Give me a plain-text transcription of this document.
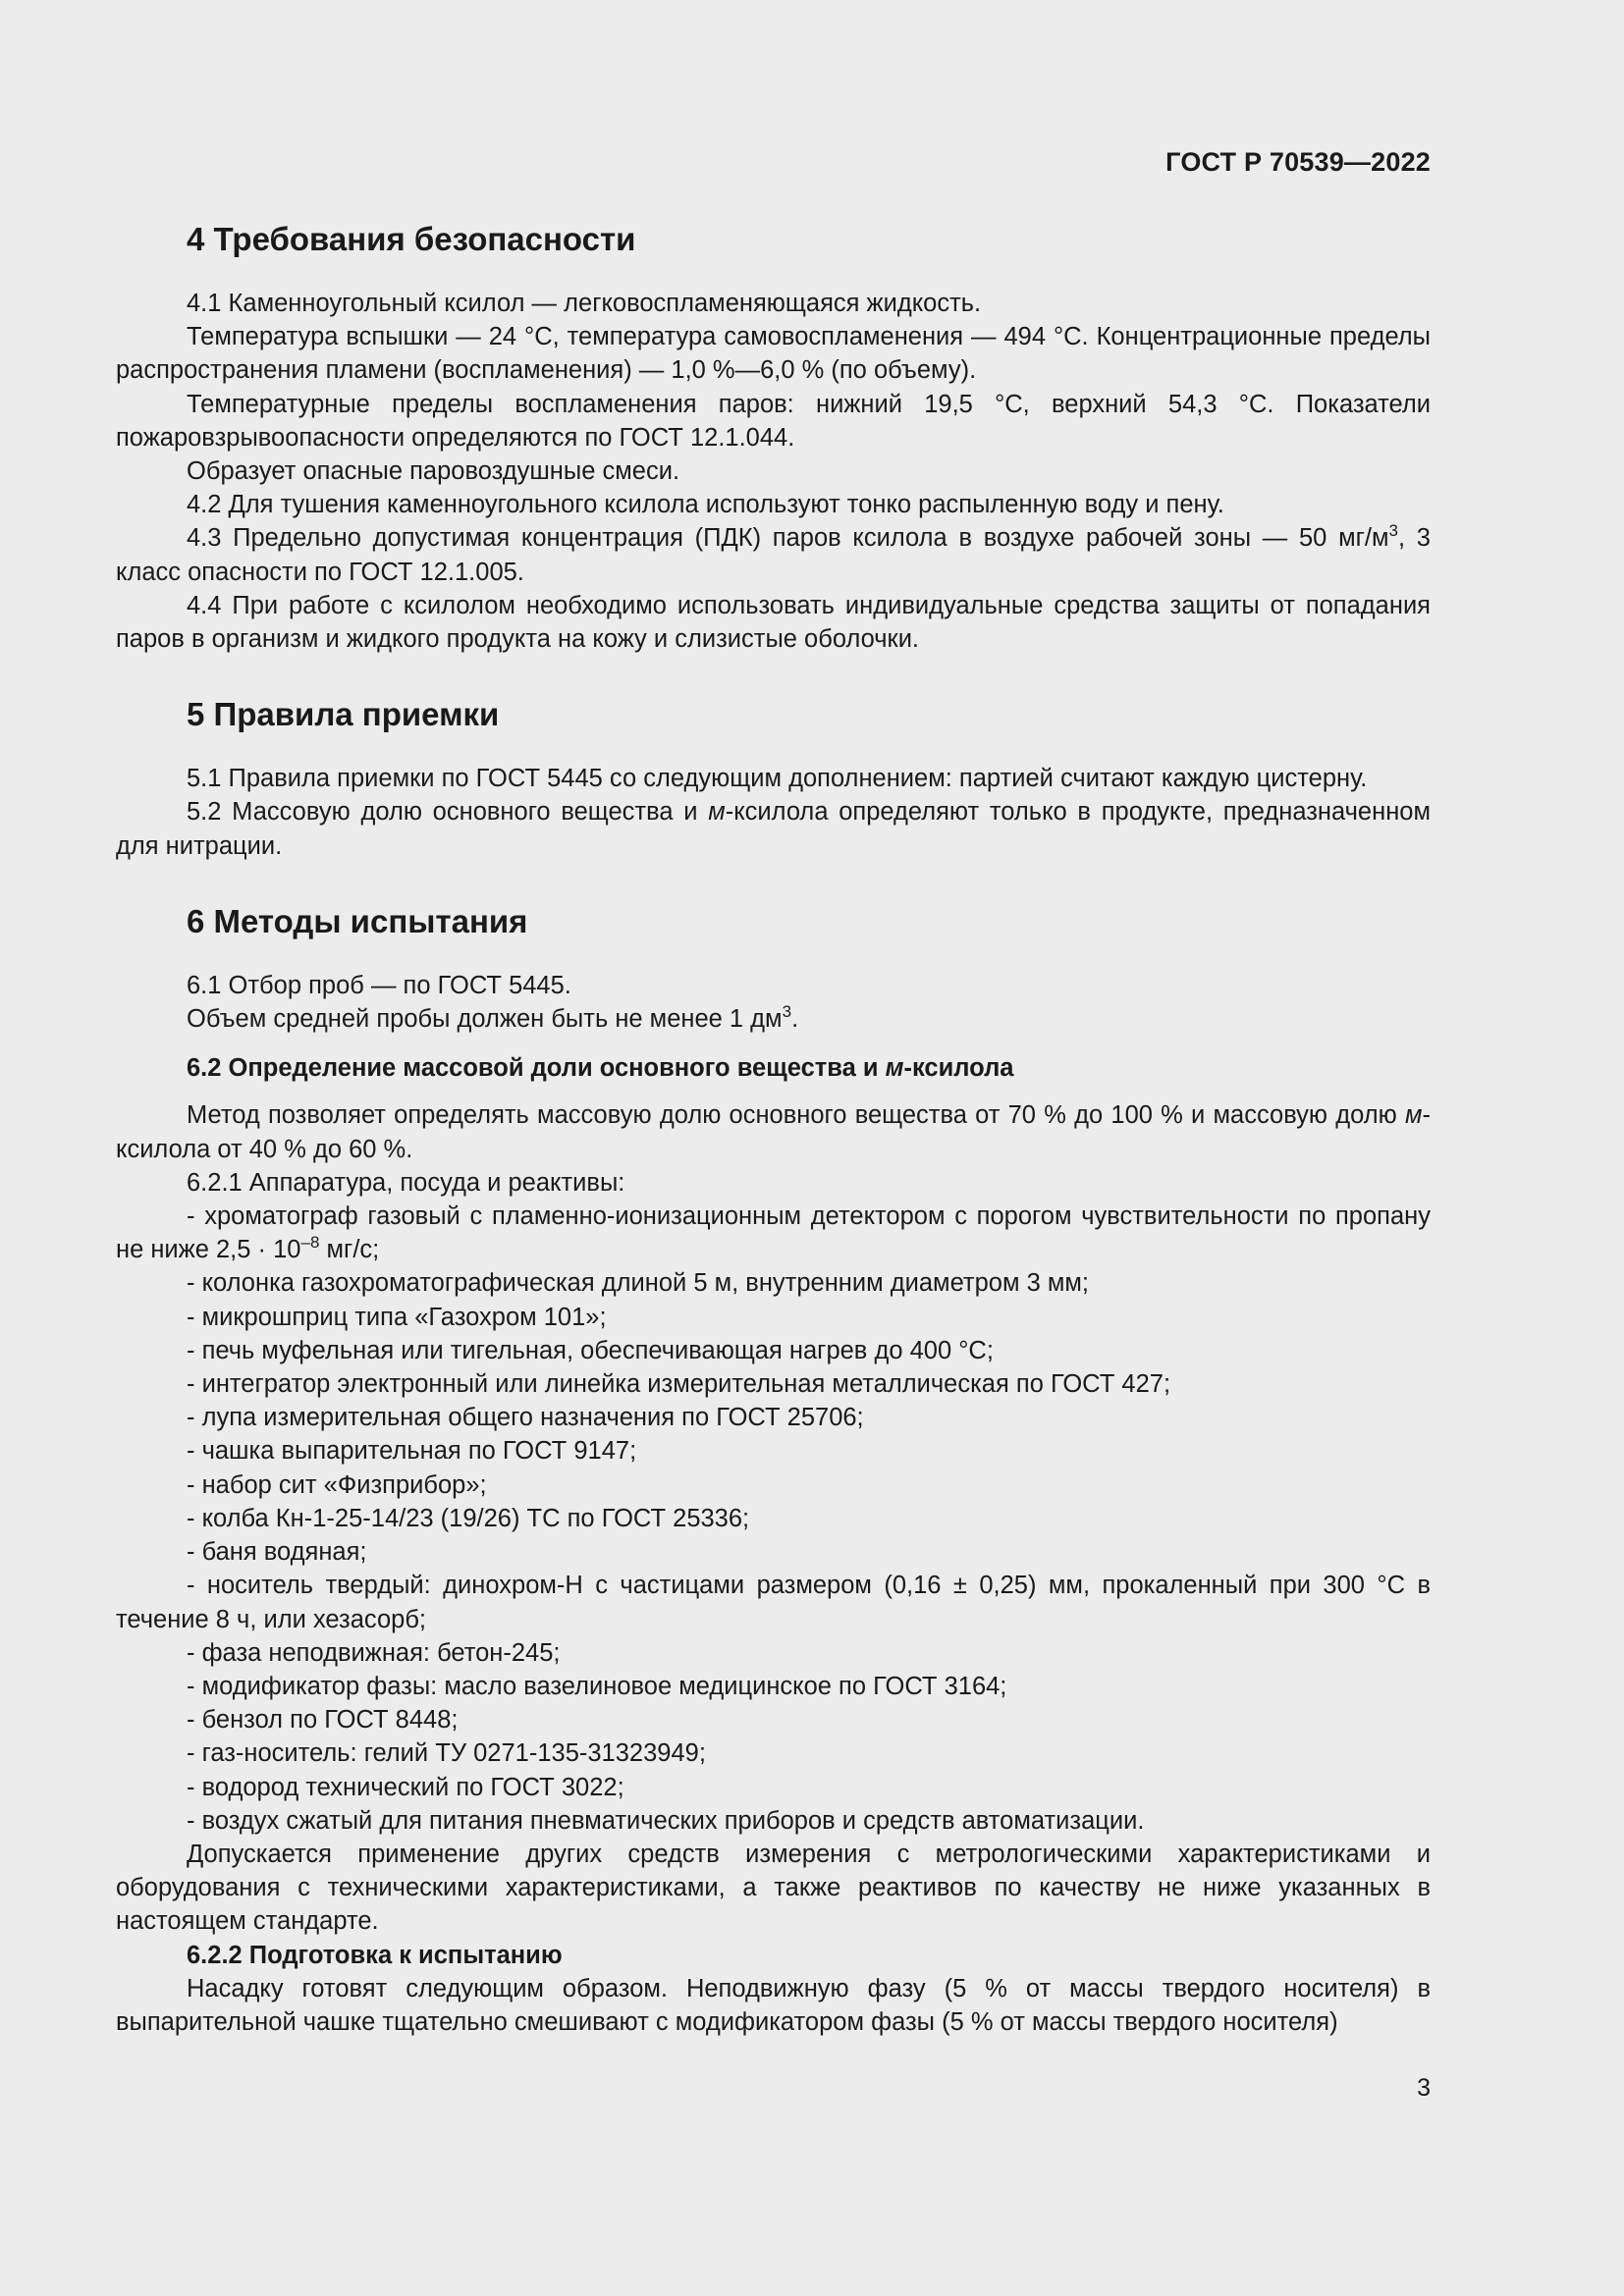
ГОСТ Р 70539—2022
4 Требования безопасности

4.1 Каменноугольный ксилол — легковоспламеняющаяся жидкость.

Температура вспышки — 24 °С, температура самовоспламенения — 494 °С. Концентрационные пределы распространения пламени (воспламенения) — 1,0 %—6,0 % (по объему).

Температурные пределы воспламенения паров: нижний 19,5 °С, верхний 54,3 °С. Показатели пожаровзрывоопасности определяются по ГОСТ 12.1.044.

Образует опасные паровоздушные смеси.

4.2 Для тушения каменноугольного ксилола используют тонко распыленную воду и пену.

4.3 Предельно допустимая концентрация (ПДК) паров ксилола в воздухе рабочей зоны — 50 $мг/м^3$, 3 класс опасности по ГОСТ 12.1.005.

4.4 При работе с ксилолом необходимо использовать индивидуальные средства защиты от попадания паров в организм и жидкого продукта на кожу и слизистые оболочки.

5 Правила приемки

5.1 Правила приемки по ГОСТ 5445 со следующим дополнением: партией считают каждую цистерну.

5.2 Массовую долю основного вещества и м-ксилола определяют только в продукте, предназначенном для нитрации.

6 Методы испытания

6.1 Отбор проб — по ГОСТ 5445.

Объем средней пробы должен быть не менее 1 $дм^3$.

6.2 Определение массовой доли основного вещества и м-ксилола

Метод позволяет определять массовую долю основного вещества от 70 % до 100 % и массовую долю м-ксилола от 40 % до 60 %.

6.2.1 Аппаратура, посуда и реактивы:

- хроматограф газовый с пламенно-ионизационным детектором с порогом чувствительности по пропану не ниже $2,5 \cdot 10^{-8}$ мг/с;

- колонка газохроматографическая длиной 5 м, внутренним диаметром 3 мм;

- микрошприц типа «Газохром 101»;

- печь муфельная или тигельная, обеспечивающая нагрев до 400 °С;

- интегратор электронный или линейка измерительная металлическая по ГОСТ 427;

- лупа измерительная общего назначения по ГОСТ 25706;

- чашка выпарительная по ГОСТ 9147;

- набор сит «Физприбор»;

- колба Кн-1-25-14/23 (19/26) ТС по ГОСТ 25336;

- баня водяная;

- носитель твердый: динохром-Н с частицами размером (0,16 ± 0,25) мм, прокаленный при 300 °С в течение 8 ч, или хезасорб;

- фаза неподвижная: бетон-245;

- модификатор фазы: масло вазелиновое медицинское по ГОСТ 3164;

- бензол по ГОСТ 8448;

- газ-носитель: гелий ТУ 0271-135-31323949;

- водород технический по ГОСТ 3022;

- воздух сжатый для питания пневматических приборов и средств автоматизации.

Допускается применение других средств измерения с метрологическими характеристиками и оборудования с техническими характеристиками, а также реактивов по качеству не ниже указанных в настоящем стандарте.

6.2.2 Подготовка к испытанию

Насадку готовят следующим образом. Неподвижную фазу (5 % от массы твердого носителя) в выпарительной чашке тщательно смешивают с модификатором фазы (5 % от массы твердого носителя)

3
